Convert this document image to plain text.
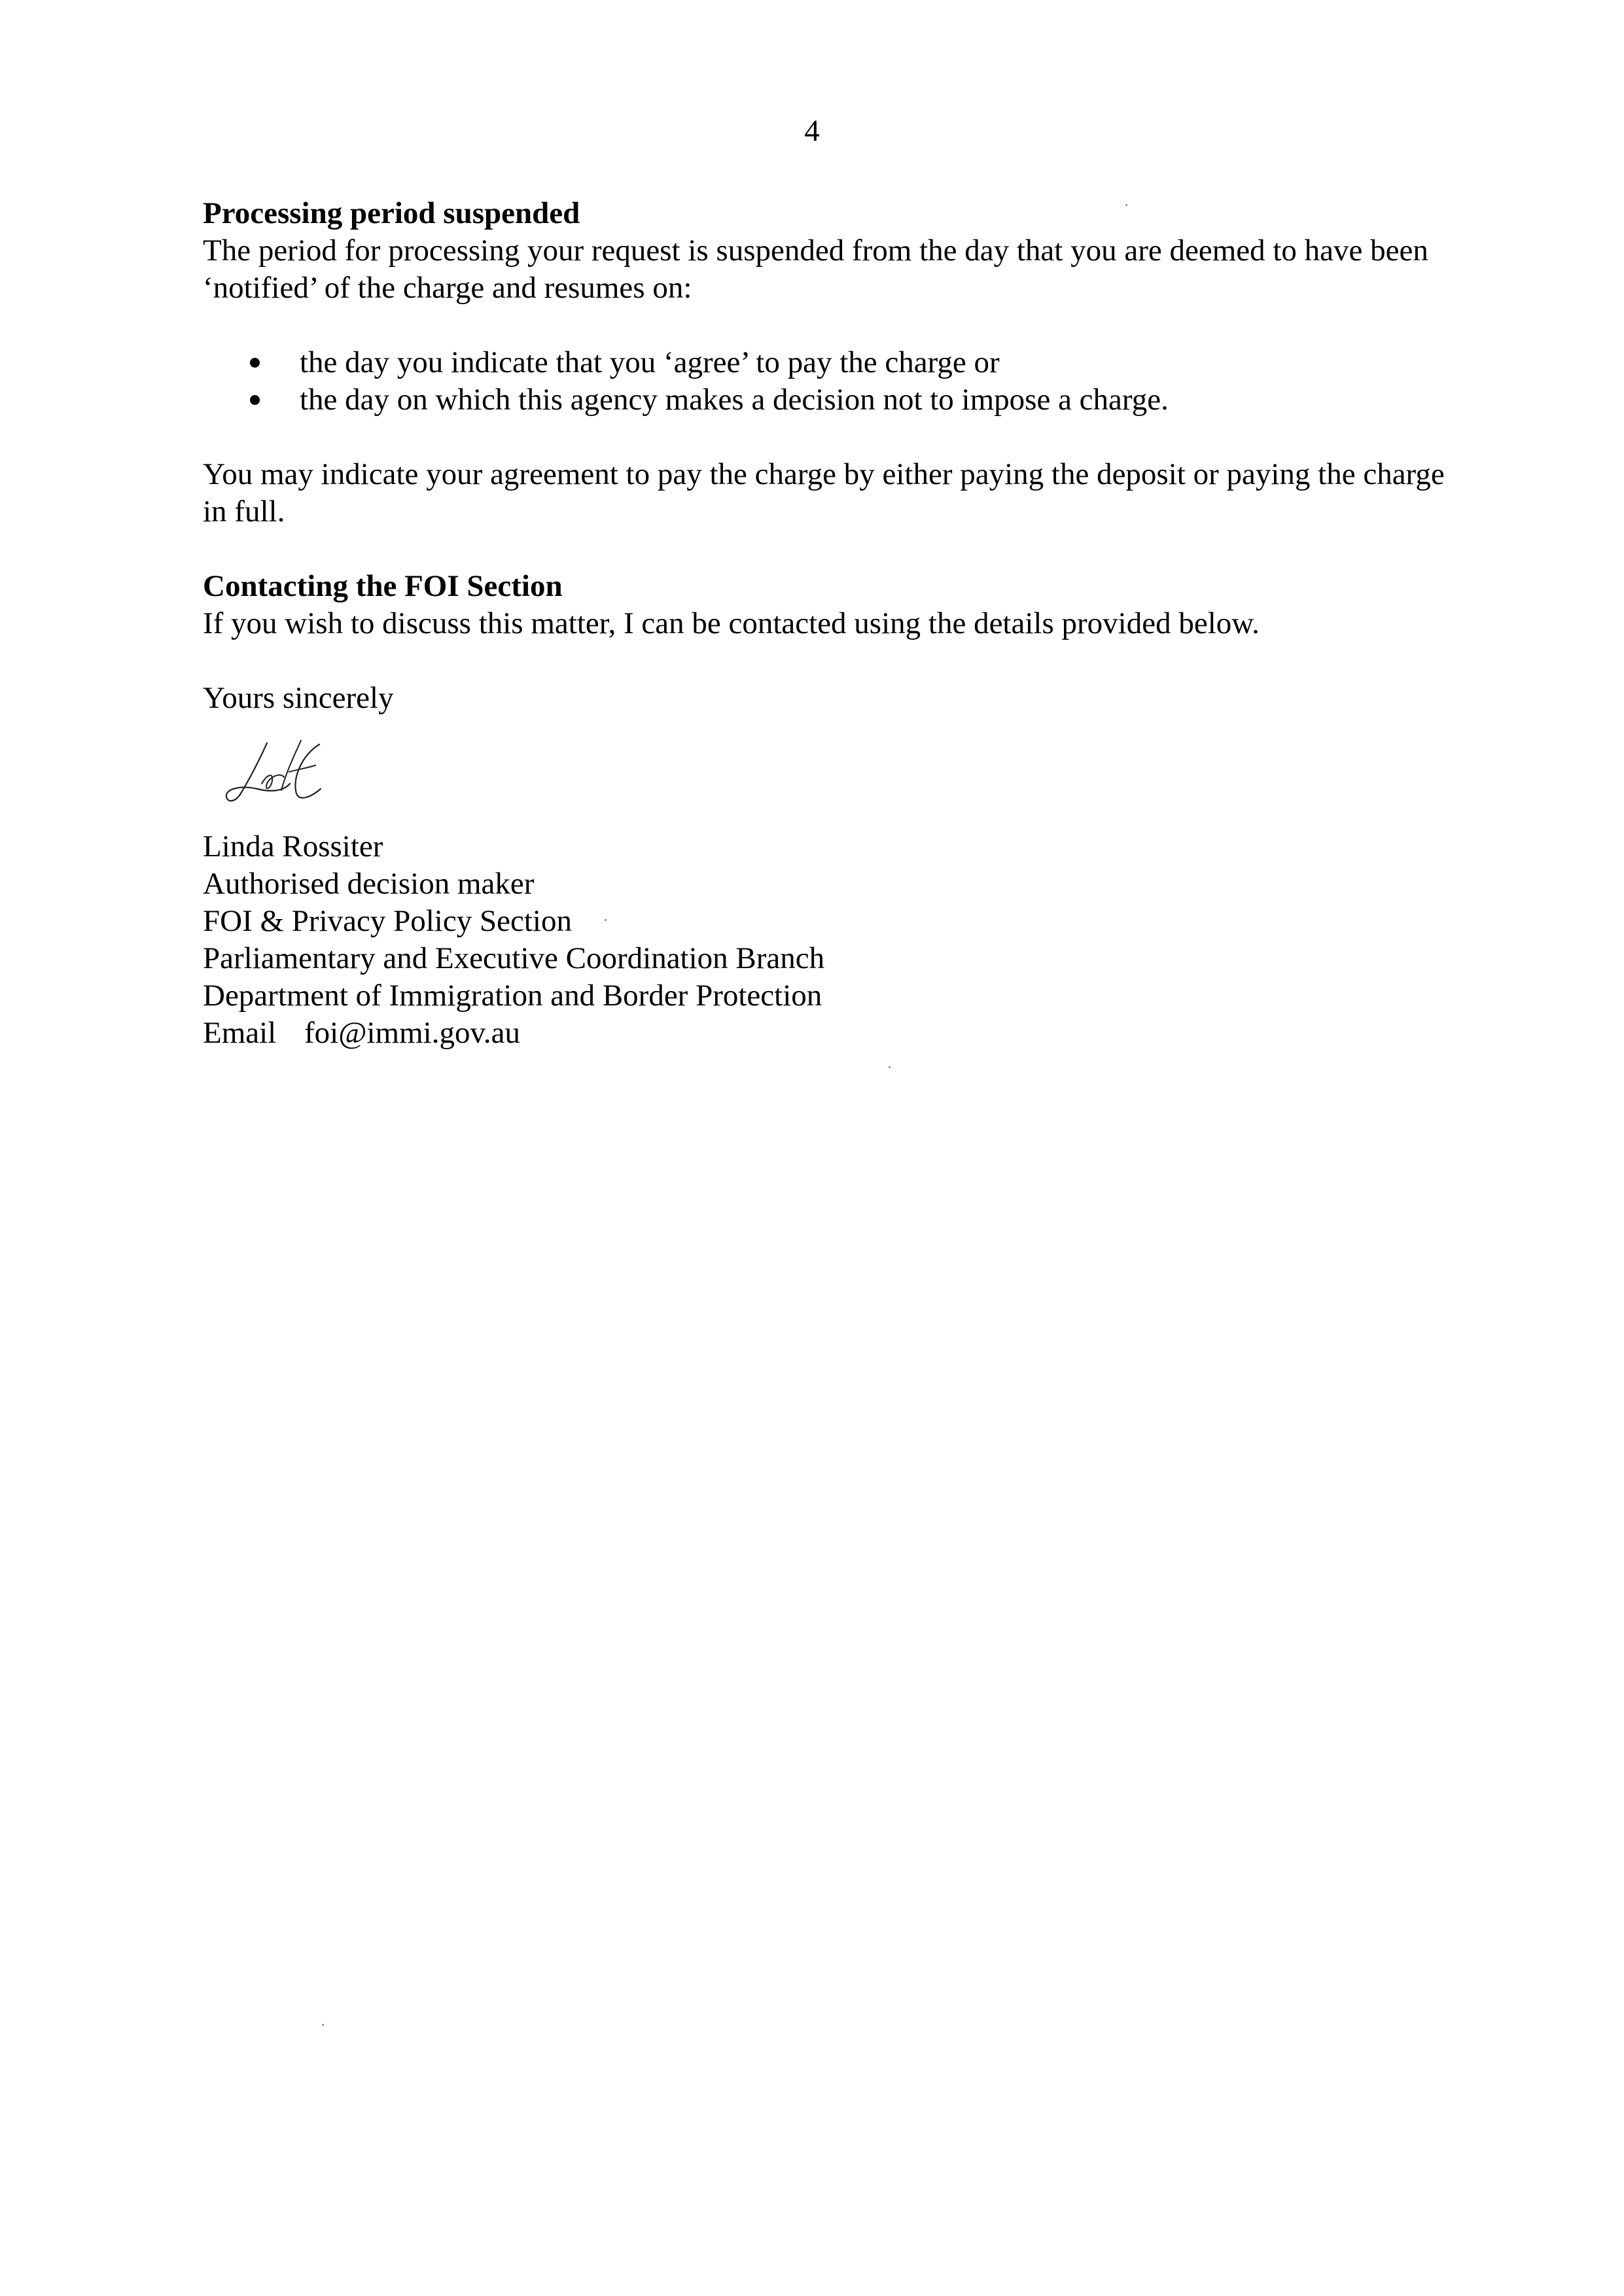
4

Processing period suspended

The period for processing your request is suspended from the day that you are deemed to have been ‘notified’ of the charge and resumes on:

the day you indicate that you ‘agree’ to pay the charge or
the day on which this agency makes a decision not to impose a charge.

You may indicate your agreement to pay the charge by either paying the deposit or paying the charge in full.

Contacting the FOI Section

If you wish to discuss this matter, I can be contacted using the details provided below.

Yours sincerely

Linda Rossiter

Authorised decision maker

FOI & Privacy Policy Section

Parliamentary and Executive Coordination Branch

Department of Immigration and Border Protection

Email foi@immi.gov.au
